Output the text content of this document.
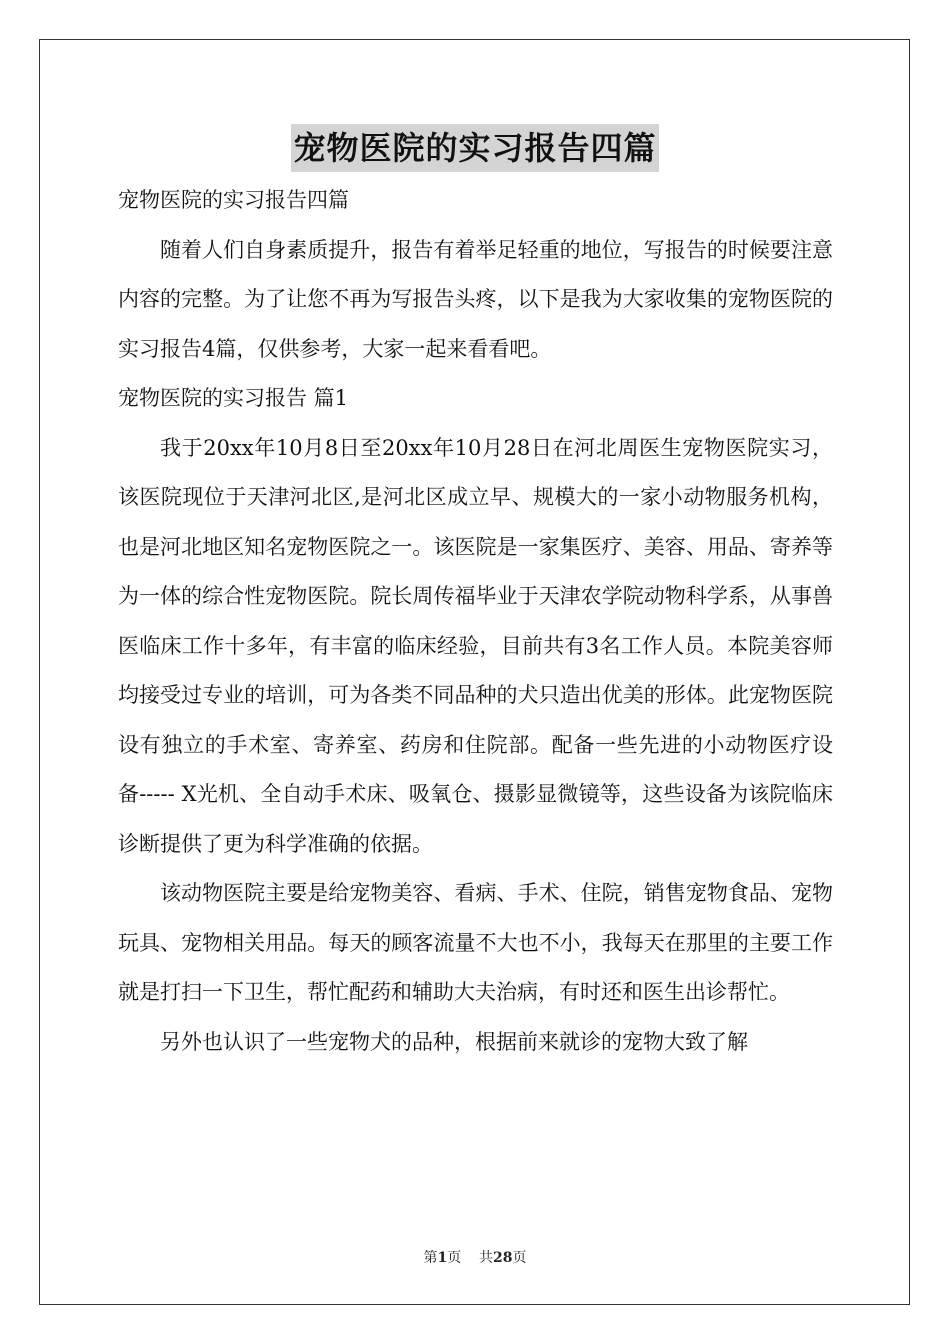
宠物医院的实习报告四篇

宠物医院的实习报告四篇

随着人们自身素质提升，报告有着举足轻重的地位，写报告的时候要注意内容的完整。为了让您不再为写报告头疼，以下是我为大家收集的宠物医院的实习报告4篇，仅供参考，大家一起来看看吧。

宠物医院的实习报告 篇1

我于20xx年10月8日至20xx年10月28日在河北周医生宠物医院实习，该医院现位于天津河北区,是河北区成立早、规模大的一家小动物服务机构，也是河北地区知名宠物医院之一。该医院是一家集医疗、美容、用品、寄养等为一体的综合性宠物医院。院长周传福毕业于天津农学院动物科学系，从事兽医临床工作十多年，有丰富的临床经验，目前共有3名工作人员。本院美容师均接受过专业的培训，可为各类不同品种的犬只造出优美的形体。此宠物医院设有独立的手术室、寄养室、药房和住院部。配备一些先进的小动物医疗设备----- X光机、全自动手术床、吸氧仓、摄影显微镜等，这些设备为该院临床诊断提供了更为科学准确的依据。

该动物医院主要是给宠物美容、看病、手术、住院，销售宠物食品、宠物玩具、宠物相关用品。每天的顾客流量不大也不小，我每天在那里的主要工作就是打扫一下卫生，帮忙配药和辅助大夫治病，有时还和医生出诊帮忙。

另外也认识了一些宠物犬的品种，根据前来就诊的宠物大致了解

第1页 共28页
